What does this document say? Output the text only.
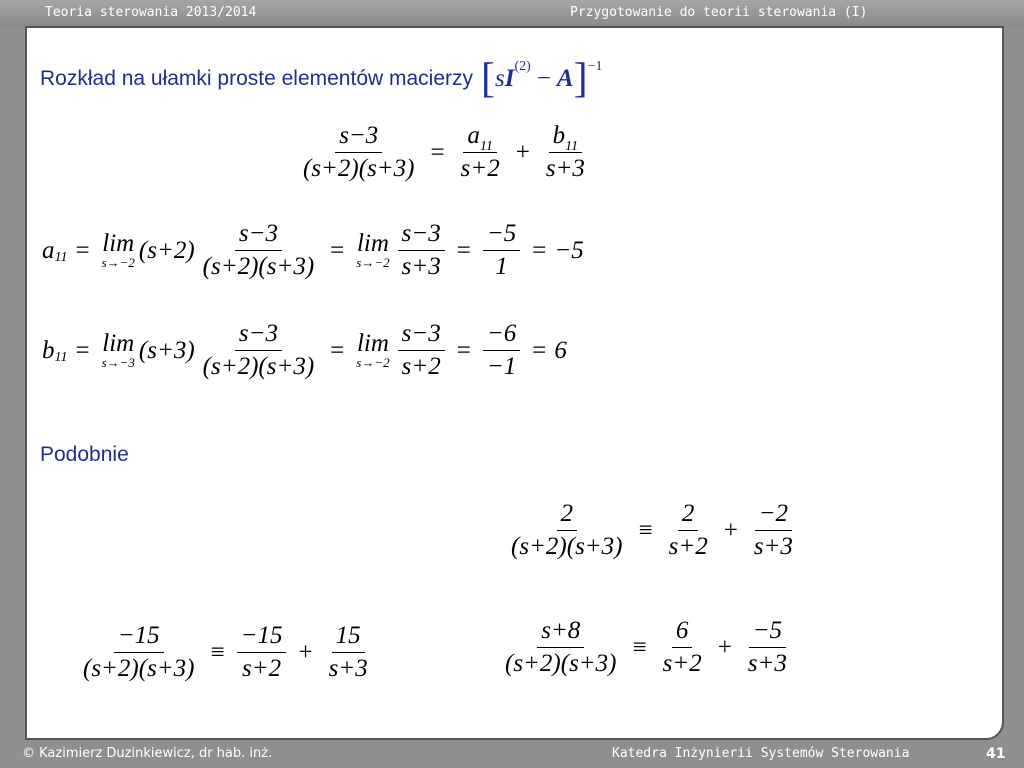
Teoria sterowania 2013/2014	Przygotowanie do teorii sterowania (I)
Rozkład na ułamki proste elementów macierzy [ s I (2) − A ] −1
$\frac{s-3}{(s+2)(s+3)} = \frac{a_{11}}{s+2} + \frac{b_{11}}{s+3}$
a 11 = lim
s→−2 $(s+2) \frac{s-3}{(s+2)(s+3)} = \lim$
$s\to-2 \frac{s-3}{s+3} = \frac{-5}{1} = -5$
b 11 = lim
s→−3 $(s+3) \frac{s-3}{(s+2)(s+3)} = \lim$
$s\to-2 \frac{s-3}{s+2} = \frac{-6}{-1} = 6$
Podobnie
$\frac{2}{(s+2)(s+3)} \equiv \frac{2}{s+2} + \frac{-2}{s+3}$
$\frac{-15}{(s+2)(s+3)} \equiv \frac{-15}{s+2} + \frac{15}{s+3}$	$\frac{s+8}{(s+2)(s+3)} \equiv \frac{6}{s+2} + \frac{-5}{s+3}$
© Kazimierz Duzinkiewicz, dr hab. inż.	Katedra Inżynierii Systemów Sterowania	41
